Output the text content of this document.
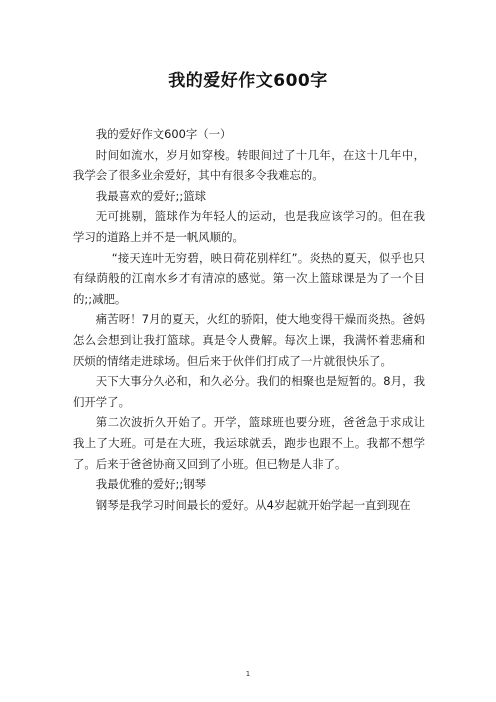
我的爱好作文600字

我的爱好作文600字（一）

时间如流水，岁月如穿梭。转眼间过了十几年，在这十几年中，我学会了很多业余爱好，其中有很多令我难忘的。

我最喜欢的爱好;;篮球

无可挑剔，篮球作为年轻人的运动，也是我应该学习的。但在我学习的道路上并不是一帆风顺的。

“接天连叶无穷碧，映日荷花别样红”。炎热的夏天，似乎也只有绿荫般的江南水乡才有清凉的感觉。第一次上篮球课是为了一个目的;;减肥。

痛苦呀！7月的夏天，火红的骄阳，使大地变得干燥而炎热。爸妈怎么会想到让我打篮球。真是令人费解。每次上课，我满怀着悲痛和厌烦的情绪走进球场。但后来于伙伴们打成了一片就很快乐了。

天下大事分久必和，和久必分。我们的相聚也是短暂的。8月，我们开学了。

第二次波折久开始了。开学，篮球班也要分班，爸爸急于求成让我上了大班。可是在大班，我运球就丢，跑步也跟不上。我都不想学了。后来于爸爸协商又回到了小班。但已物是人非了。

我最优雅的爱好;;钢琴

钢琴是我学习时间最长的爱好。从4岁起就开始学起一直到现在

1
